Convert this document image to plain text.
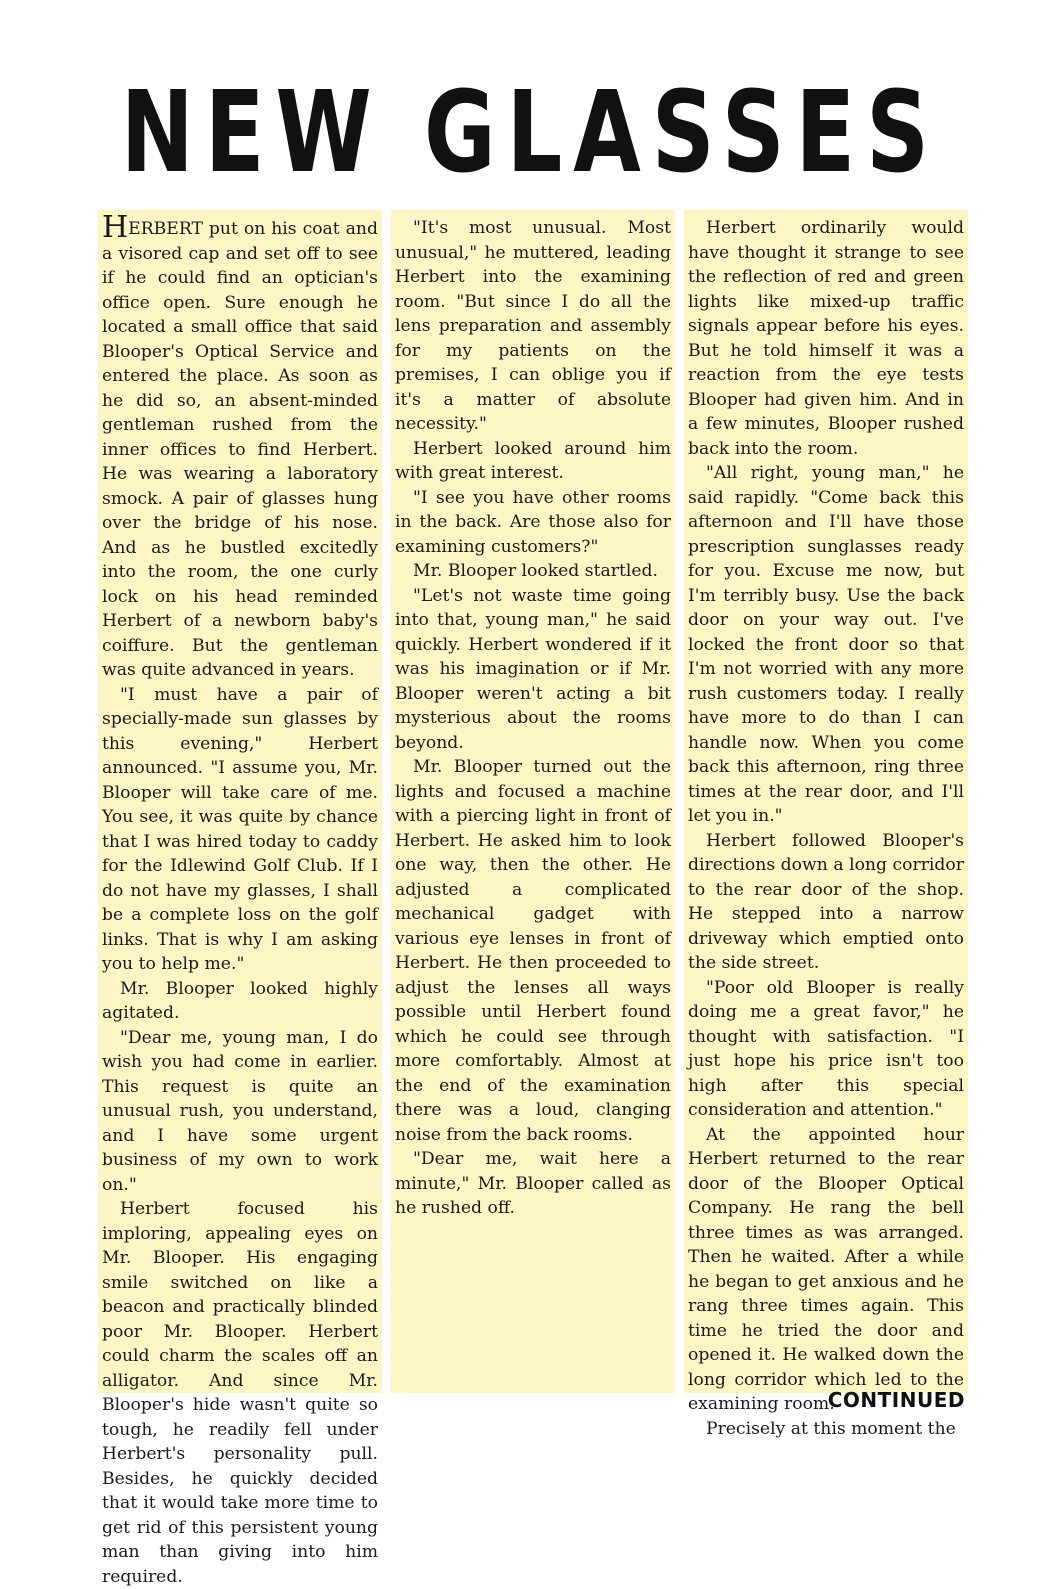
NEW GLASSES

HERBERT put on his coat and a visored cap and set off to see if he could find an optician's office open. Sure enough he located a small office that said Blooper's Optical Service and entered the place. As soon as he did so, an absent-minded gentleman rushed from the inner offices to find Herbert. He was wearing a laboratory smock. A pair of glasses hung over the bridge of his nose. And as he bustled excitedly into the room, the one curly lock on his head reminded Herbert of a newborn baby's coiffure. But the gentleman was quite advanced in years.

"I must have a pair of specially-made sun glasses by this evening," Herbert announced. "I assume you, Mr. Blooper will take care of me. You see, it was quite by chance that I was hired today to caddy for the Idlewind Golf Club. If I do not have my glasses, I shall be a complete loss on the golf links. That is why I am asking you to help me."

Mr. Blooper looked highly agitated.

"Dear me, young man, I do wish you had come in earlier. This request is quite an unusual rush, you understand, and I have some urgent business of my own to work on."

Herbert focused his imploring, appealing eyes on Mr. Blooper. His engaging smile switched on like a beacon and practically blinded poor Mr. Blooper. Herbert could charm the scales off an alligator. And since Mr. Blooper's hide wasn't quite so tough, he readily fell under Herbert's personality pull. Besides, he quickly decided that it would take more time to get rid of this persistent young man than giving into him required.

"It's most unusual. Most unusual," he muttered, leading Herbert into the examining room. "But since I do all the lens preparation and assembly for my patients on the premises, I can oblige you if it's a matter of absolute necessity."

Herbert looked around him with great interest.

"I see you have other rooms in the back. Are those also for examining customers?"

Mr. Blooper looked startled.

"Let's not waste time going into that, young man," he said quickly. Herbert wondered if it was his imagination or if Mr. Blooper weren't acting a bit mysterious about the rooms beyond.

Mr. Blooper turned out the lights and focused a machine with a piercing light in front of Herbert. He asked him to look one way, then the other. He adjusted a complicated mechanical gadget with various eye lenses in front of Herbert. He then proceeded to adjust the lenses all ways possible until Herbert found which he could see through more comfortably. Almost at the end of the examination there was a loud, clanging noise from the back rooms.

"Dear me, wait here a minute," Mr. Blooper called as he rushed off.

Herbert ordinarily would have thought it strange to see the reflection of red and green lights like mixed-up traffic signals appear before his eyes. But he told himself it was a reaction from the eye tests Blooper had given him. And in a few minutes, Blooper rushed back into the room.

"All right, young man," he said rapidly. "Come back this afternoon and I'll have those prescription sunglasses ready for you. Excuse me now, but I'm terribly busy. Use the back door on your way out. I've locked the front door so that I'm not worried with any more rush customers today. I really have more to do than I can handle now. When you come back this afternoon, ring three times at the rear door, and I'll let you in."

Herbert followed Blooper's directions down a long corridor to the rear door of the shop. He stepped into a narrow driveway which emptied onto the side street.

"Poor old Blooper is really doing me a great favor," he thought with satisfaction. "I just hope his price isn't too high after this special consideration and attention."

At the appointed hour Herbert returned to the rear door of the Blooper Optical Company. He rang the bell three times as was arranged. Then he waited. After a while he began to get anxious and he rang three times again. This time he tried the door and opened it. He walked down the long corridor which led to the examining room.

Precisely at this moment the

CONTINUED
